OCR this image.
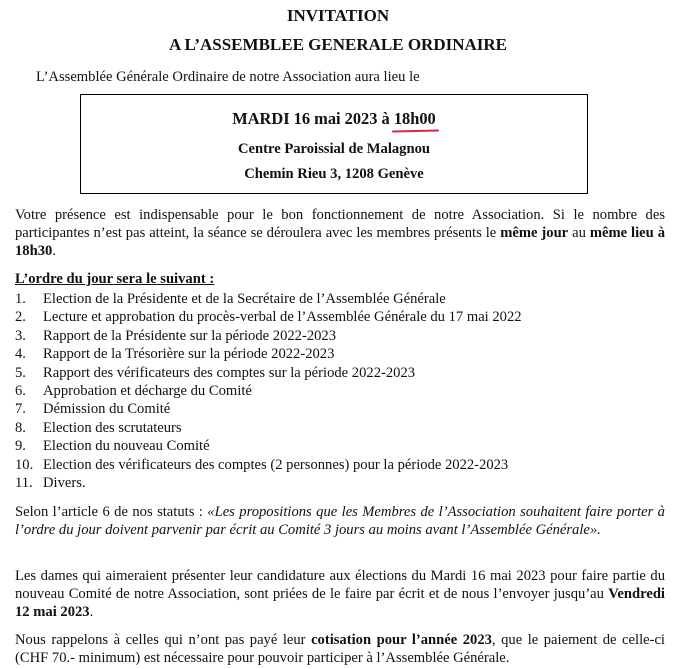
INVITATION
A L’ASSEMBLEE GENERALE ORDINAIRE
L’Assemblée Générale Ordinaire de notre Association aura lieu le
MARDI 16 mai 2023 à 18h00
Centre Paroissial de Malagnou
Chemin Rieu 3, 1208 Genève
Votre présence est indispensable pour le bon fonctionnement de notre Association. Si le nombre des participantes n’est pas atteint, la séance se déroulera avec les membres présents le même jour au même lieu à 18h30.
L’ordre du jour sera le suivant :
1. Election de la Présidente et de la Secrétaire de l’Assemblée Générale
2. Lecture et approbation du procès-verbal de l’Assemblée Générale du 17 mai 2022
3. Rapport de la Présidente sur la période 2022-2023
4. Rapport de la Trésorière sur la période 2022-2023
5. Rapport des vérificateurs des comptes sur la période 2022-2023
6. Approbation et décharge du Comité
7. Démission du Comité
8. Election des scrutateurs
9. Election du nouveau Comité
10. Election des vérificateurs des comptes (2 personnes) pour la période 2022-2023
11. Divers.
Selon l’article 6 de nos statuts : «Les propositions que les Membres de l’Association souhaitent faire porter à l’ordre du jour doivent parvenir par écrit au Comité 3 jours au moins avant l’Assemblée Générale».
Les dames qui aimeraient présenter leur candidature aux élections du Mardi 16 mai 2023 pour faire partie du nouveau Comité de notre Association, sont priées de le faire par écrit et de nous l’envoyer jusqu’au Vendredi 12 mai 2023.
Nous rappelons à celles qui n’ont pas payé leur cotisation pour l’année 2023, que le paiement de celle-ci (CHF 70.- minimum) est nécessaire pour pouvoir participer à l’Assemblée Générale.
